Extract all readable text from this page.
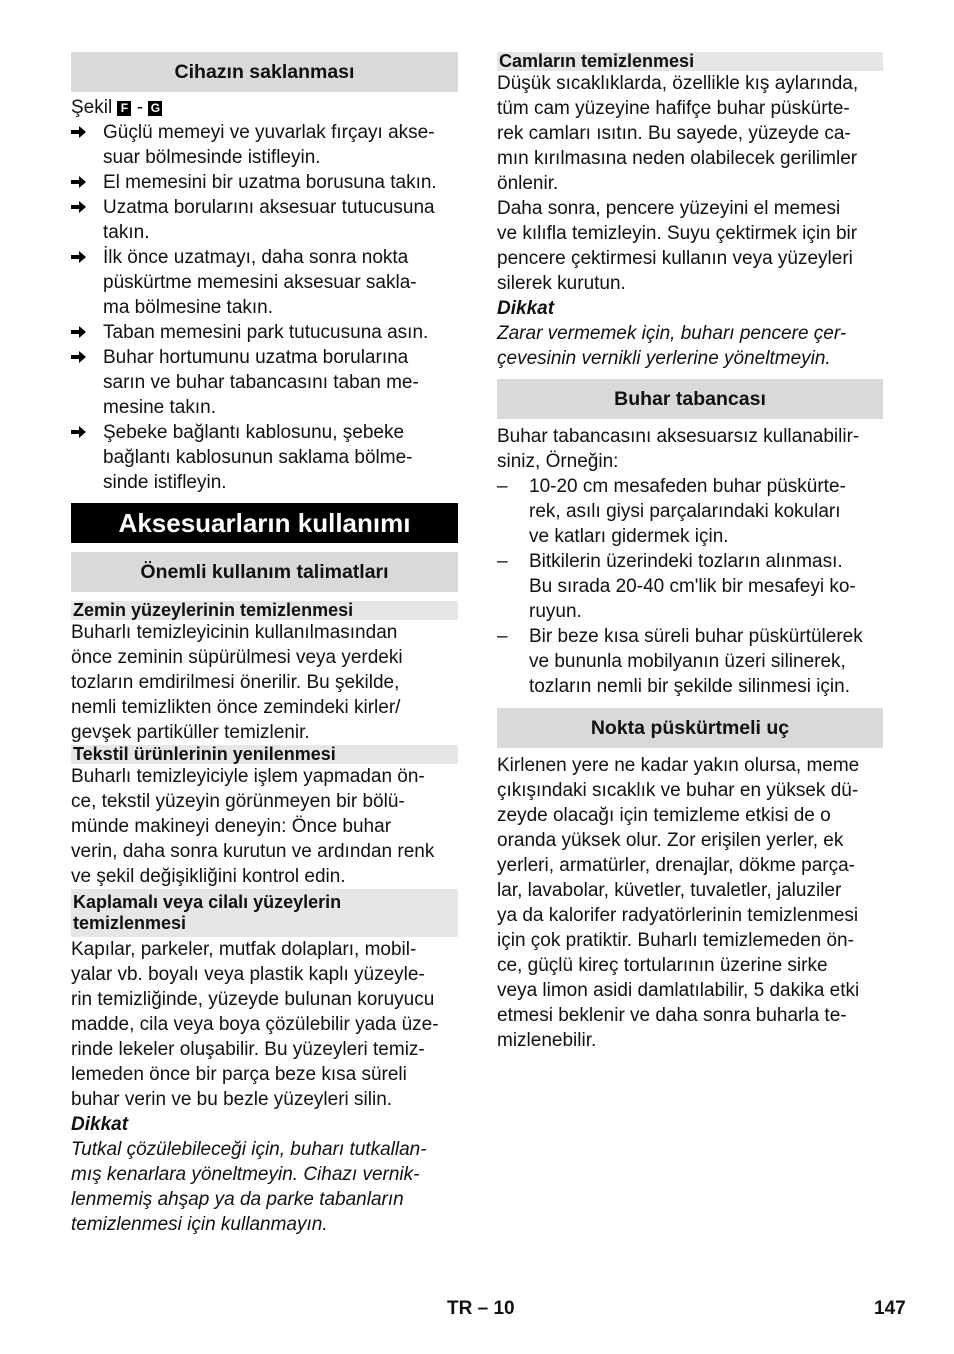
Cihazın saklanması
Şekil F - G
Güçlü memeyi ve yuvarlak fırçayı akse-
suar bölmesinde istifleyin.
El memesini bir uzatma borusuna takın.
Uzatma borularını aksesuar tutucusuna
takın.
İlk önce uzatmayı, daha sonra nokta
püskürtme memesini aksesuar sakla-
ma bölmesine takın.
Taban memesini park tutucusuna asın.
Buhar hortumunu uzatma borularına
sarın ve buhar tabancasını taban me-
mesine takın.
Şebeke bağlantı kablosunu, şebeke
bağlantı kablosunun saklama bölme-
sinde istifleyin.
Aksesuarların kullanımı
Önemli kullanım talimatları
Zemin yüzeylerinin temizlenmesi
Buharlı temizleyicinin kullanılmasından
önce zeminin süpürülmesi veya yerdeki
tozların emdirilmesi önerilir. Bu şekilde,
nemli temizlikten önce zemindeki kirler/
gevşek partiküller temizlenir.
Tekstil ürünlerinin yenilenmesi
Buharlı temizleyiciyle işlem yapmadan ön-
ce, tekstil yüzeyin görünmeyen bir bölü-
münde makineyi deneyin: Önce buhar
verin, daha sonra kurutun ve ardından renk
ve şekil değişikliğini kontrol edin.
Kaplamalı veya cilalı yüzeylerin
temizlenmesi
Kapılar, parkeler, mutfak dolapları, mobil-
yalar vb. boyalı veya plastik kaplı yüzeyle-
rin temizliğinde, yüzeyde bulunan koruyucu
madde, cila veya boya çözülebilir yada üze-
rinde lekeler oluşabilir. Bu yüzeyleri temiz-
lemeden önce bir parça beze kısa süreli
buhar verin ve bu bezle yüzeyleri silin.
Dikkat
Tutkal çözülebileceği için, buharı tutkallan-
mış kenarlara yöneltmeyin. Cihazı vernik-
lenmemiş ahşap ya da parke tabanların
temizlenmesi için kullanmayın.
Camların temizlenmesi
Düşük sıcaklıklarda, özellikle kış aylarında,
tüm cam yüzeyine hafifçe buhar püskürte-
rek camları ısıtın. Bu sayede, yüzeyde ca-
mın kırılmasına neden olabilecek gerilimler
önlenir.
Daha sonra, pencere yüzeyini el memesi
ve kılıfla temizleyin. Suyu çektirmek için bir
pencere çektirmesi kullanın veya yüzeyleri
silerek kurutun.
Dikkat
Zarar vermemek için, buharı pencere çer-
çevesinin vernikli yerlerine yöneltmeyin.
Buhar tabancası
Buhar tabancasını aksesuarsız kullanabilir-
siniz, Örneğin:
–	10-20 cm mesafeden buhar püskürte-
rek, asılı giysi parçalarındaki kokuları
ve katları gidermek için.
–	Bitkilerin üzerindeki tozların alınması.
Bu sırada 20-40 cm'lik bir mesafeyi ko-
ruyun.
–	Bir beze kısa süreli buhar püskürtülerek
ve bununla mobilyanın üzeri silinerek,
tozların nemli bir şekilde silinmesi için.
Nokta püskürtmeli uç
Kirlenen yere ne kadar yakın olursa, meme
çıkışındaki sıcaklık ve buhar en yüksek dü-
zeyde olacağı için temizleme etkisi de o
oranda yüksek olur. Zor erişilen yerler, ek
yerleri, armatürler, drenajlar, dökme parça-
lar, lavabolar, küvetler, tuvaletler, jaluziler
ya da kalorifer radyatörlerinin temizlenmesi
için çok pratiktir. Buharlı temizlemeden ön-
ce, güçlü kireç tortularının üzerine sirke
veya limon asidi damlatılabilir, 5 dakika etki
etmesi beklenir ve daha sonra buharla te-
mizlenebilir.
TR – 10	147
